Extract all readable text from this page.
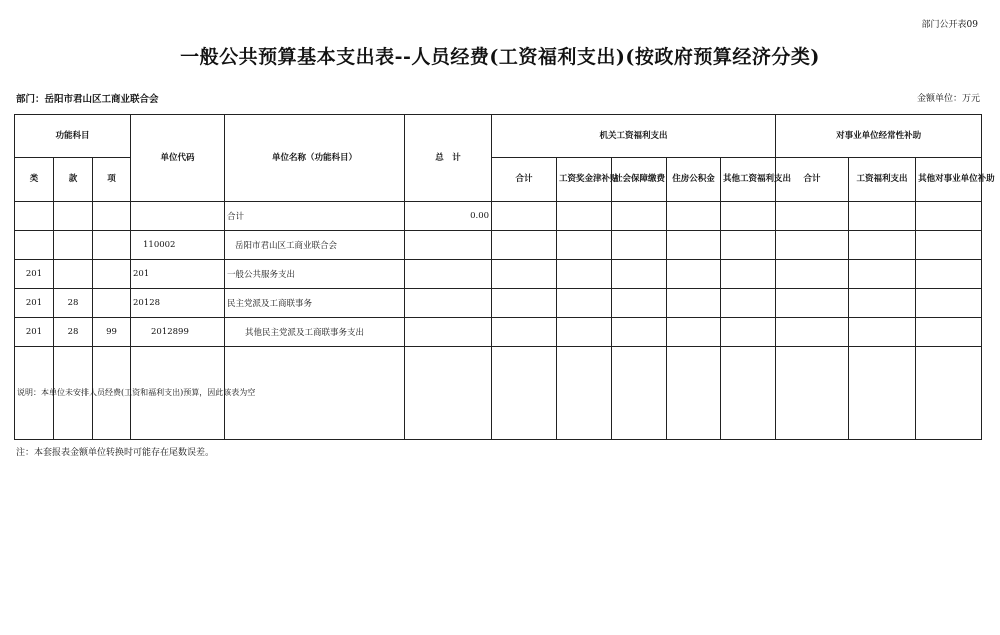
部门公开表09
一般公共预算基本支出表--人员经费(工资福利支出)(按政府预算经济分类)
部门：岳阳市君山区工商业联合会	金额单位：万元
功能科目			单位代码	单位名称（功能科目）	总　计	机关工资福利支出					对事业单位经常性补助		
类	款	项				合计	工资奖金津补贴	社会保障缴费	住房公积金	其他工资福利支出	合计	工资福利支出	其他对事业单位补助
				合计	0.00								
			110002	岳阳市君山区工商业联合会									
201			201	一般公共服务支出									
201	28		20128	民主党派及工商联事务									
201	28	99	2012899	其他民主党派及工商联事务支出									
说明：本单位未安排人员经费(工资和福利支出)预算，因此该表为空													
注：本套报表金额单位转换时可能存在尾数误差。
